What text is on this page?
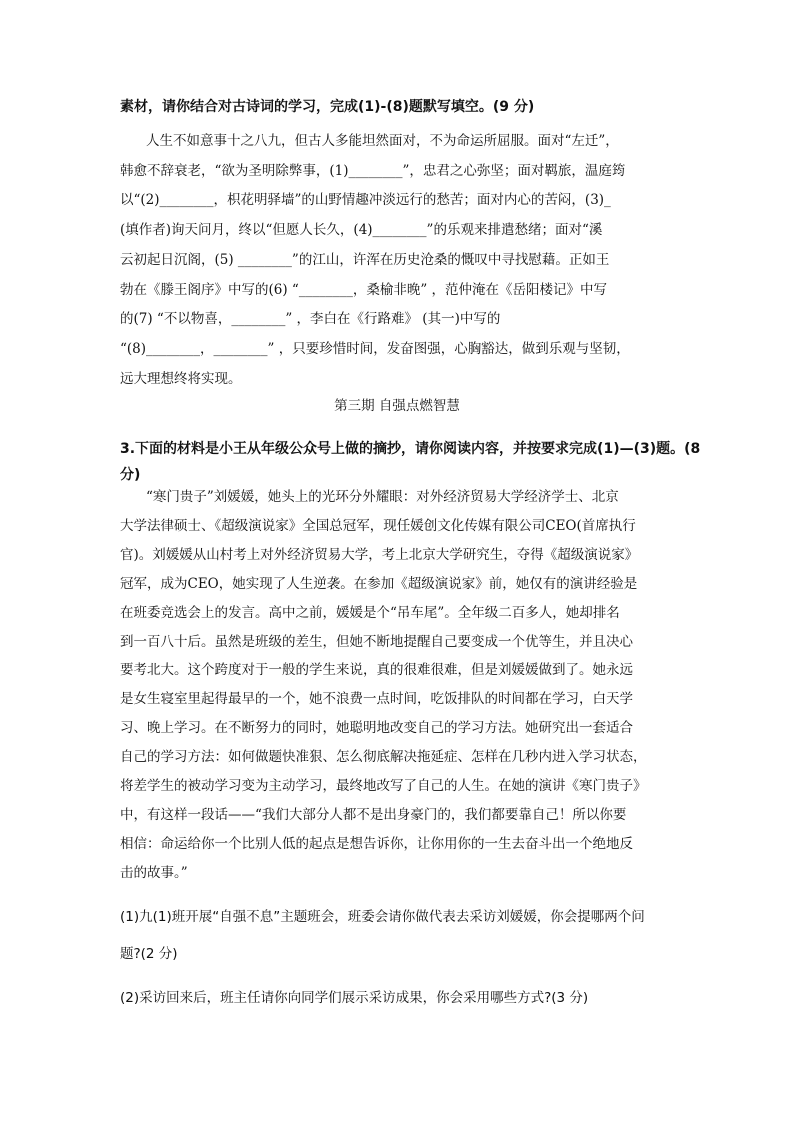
素材，请你结合对古诗词的学习，完成(1)-(8)题默写填空。(9 分)
人生不如意事十之八九，但古人多能坦然面对，不为命运所屈服。面对“左迁”，
韩愈不辞衰老，“欲为圣明除弊事，(1)________”，忠君之心弥坚；面对羁旅，温庭筠
以“(2)________，枳花明驿墙”的山野情趣冲淡远行的愁苦；面对内心的苦闷，(3)_
(填作者)询天问月，终以“但愿人长久，(4)________”的乐观来排遣愁绪；面对“溪
云初起日沉阁，(5) ________”的江山，许浑在历史沧桑的慨叹中寻找慰藉。正如王
勃在《滕王阁序》中写的(6) “________，桑榆非晚” ，范仲淹在《岳阳楼记》中写
的(7) “不以物喜，________” ，李白在《行路难》 (其一)中写的
“(8)________，________” ，只要珍惜时间，发奋图强，心胸豁达，做到乐观与坚韧，
远大理想终将实现。
第三期 自强点燃智慧
3.下面的材料是小王从年级公众号上做的摘抄，请你阅读内容，并按要求完成(1)—(3)题。(8
分)
“寒门贵子”刘媛媛，她头上的光环分外耀眼：对外经济贸易大学经济学士、北京
大学法律硕士、《超级演说家》全国总冠军，现任媛创文化传媒有限公司CEO(首席执行
官)。刘媛媛从山村考上对外经济贸易大学，考上北京大学研究生，夺得《超级演说家》
冠军，成为CEO，她实现了人生逆袭。在参加《超级演说家》前，她仅有的演讲经验是
在班委竞选会上的发言。高中之前，媛媛是个“吊车尾”。全年级二百多人，她却排名
到一百八十后。虽然是班级的差生，但她不断地提醒自己要变成一个优等生，并且决心
要考北大。这个跨度对于一般的学生来说，真的很难很难，但是刘媛媛做到了。她永远
是女生寝室里起得最早的一个，她不浪费一点时间，吃饭排队的时间都在学习，白天学
习、晚上学习。在不断努力的同时，她聪明地改变自己的学习方法。她研究出一套适合
自己的学习方法：如何做题快准狠、怎么彻底解决拖延症、怎样在几秒内进入学习状态，
将差学生的被动学习变为主动学习，最终地改写了自己的人生。在她的演讲《寒门贵子》
中，有这样一段话——“我们大部分人都不是出身豪门的，我们都要靠自己！所以你要
相信：命运给你一个比别人低的起点是想告诉你，让你用你的一生去奋斗出一个绝地反
击的故事。”
(1)九(1)班开展“自强不息”主题班会，班委会请你做代表去采访刘媛媛，你会提哪两个问
题?(2 分)
(2)采访回来后，班主任请你向同学们展示采访成果，你会采用哪些方式?(3 分)
